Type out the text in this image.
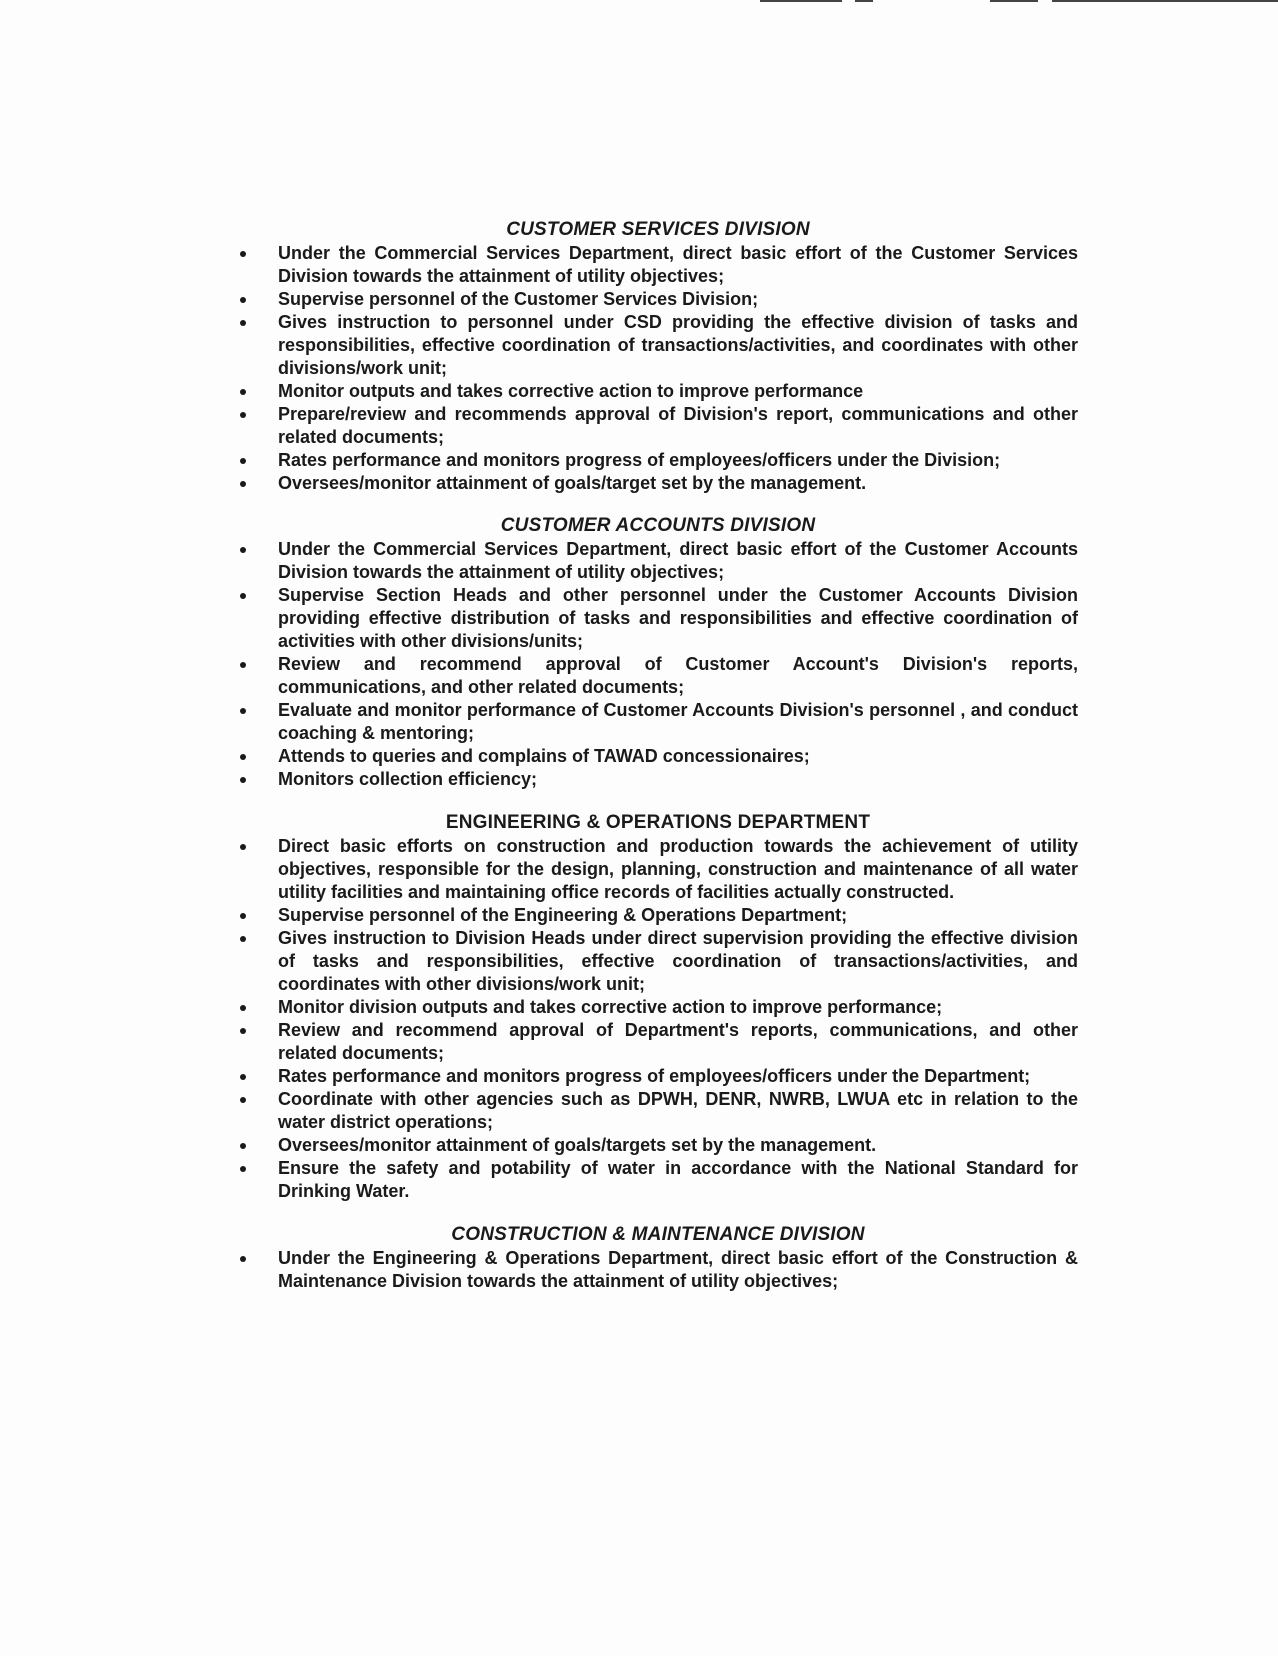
CUSTOMER SERVICES DIVISION
Under the Commercial Services Department, direct basic effort of the Customer Services Division towards the attainment of utility objectives;
Supervise personnel of the Customer Services Division;
Gives instruction to personnel under CSD providing the effective division of tasks and responsibilities, effective coordination of transactions/activities, and coordinates with other divisions/work unit;
Monitor outputs and takes corrective action to improve performance
Prepare/review and recommends approval of Division's report, communications and other related documents;
Rates performance and monitors progress of employees/officers under the Division;
Oversees/monitor attainment of goals/target set by the management.
CUSTOMER ACCOUNTS DIVISION
Under the Commercial Services Department, direct basic effort of the Customer Accounts Division towards the attainment of utility objectives;
Supervise Section Heads and other personnel under the Customer Accounts Division providing effective distribution of tasks and responsibilities and effective coordination of activities with other divisions/units;
Review and recommend approval of Customer Account's Division's reports, communications, and other related documents;
Evaluate and monitor performance of Customer Accounts Division's personnel , and conduct coaching & mentoring;
Attends to queries and complains of TAWAD concessionaires;
Monitors collection efficiency;
ENGINEERING & OPERATIONS DEPARTMENT
Direct basic efforts on construction and production towards the achievement of utility objectives, responsible for the design, planning, construction and maintenance of all water utility facilities and maintaining office records of facilities actually constructed.
Supervise personnel of the Engineering & Operations Department;
Gives instruction to Division Heads under direct supervision providing the effective division of tasks and responsibilities, effective coordination of transactions/activities, and coordinates with other divisions/work unit;
Monitor division outputs and takes corrective action to improve performance;
Review and recommend approval of Department's reports, communications, and other related documents;
Rates performance and monitors progress of employees/officers under the Department;
Coordinate with other agencies such as DPWH, DENR, NWRB, LWUA etc in relation to the water district operations;
Oversees/monitor attainment of goals/targets set by the management.
Ensure the safety and potability of water in accordance with the National Standard for Drinking Water.
CONSTRUCTION & MAINTENANCE DIVISION
Under the Engineering & Operations Department, direct basic effort of the Construction & Maintenance Division towards the attainment of utility objectives;
